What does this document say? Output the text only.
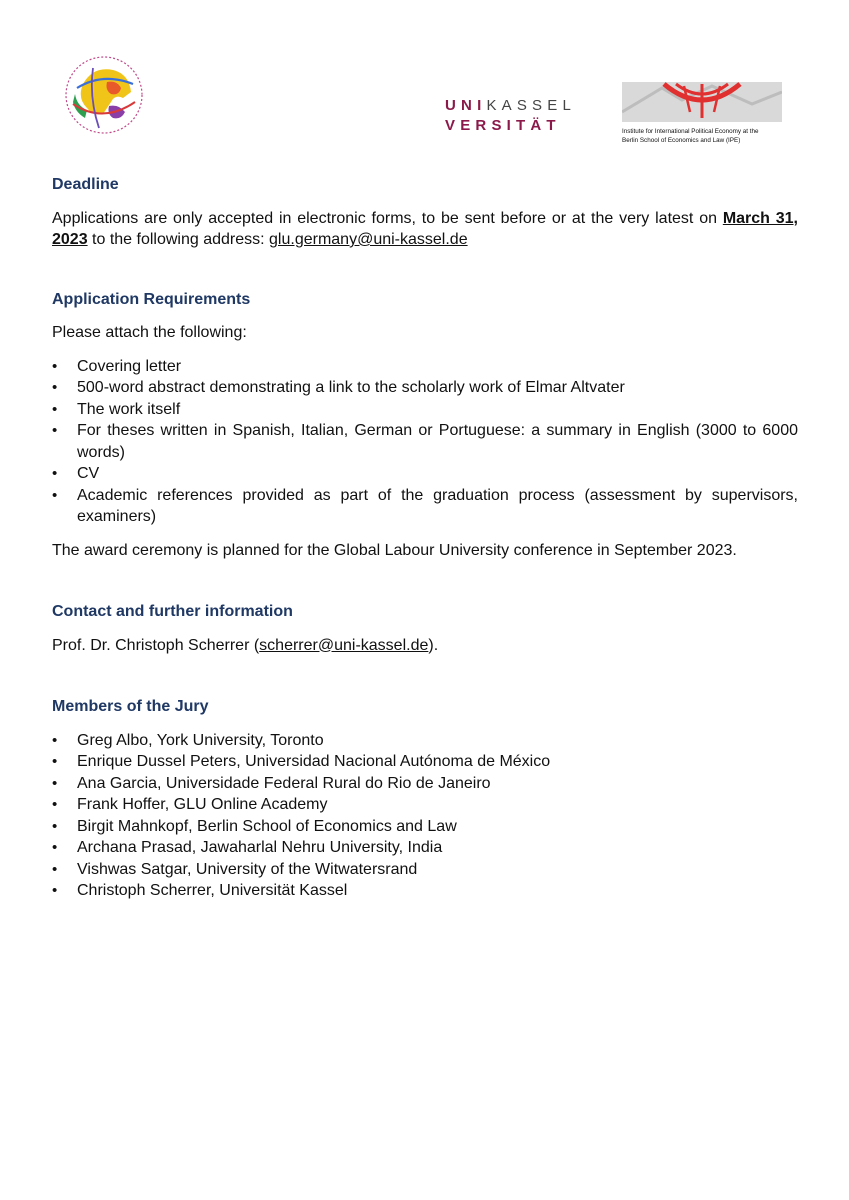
UNIKASSEL
VERSITÄT	Institute for International Political Economy at the
Berlin School of Economics and Law (IPE)
Deadline

Applications are only accepted in electronic forms, to be sent before or at the very latest on March 31, 2023 to the following address: glu.germany@uni-kassel.de

Application Requirements

Please attach the following:

• Covering letter
• 500-word abstract demonstrating a link to the scholarly work of Elmar Altvater
• The work itself
• For theses written in Spanish, Italian, German or Portuguese: a summary in English (3000 to 6000 words)
• CV
• Academic references provided as part of the graduation process (assessment by supervisors, examiners)

The award ceremony is planned for the Global Labour University conference in September 2023.

Contact and further information

Prof. Dr. Christoph Scherrer (scherrer@uni-kassel.de).

Members of the Jury
• Greg Albo, York University, Toronto
• Enrique Dussel Peters, Universidad Nacional Autónoma de México
• Ana Garcia, Universidade Federal Rural do Rio de Janeiro
• Frank Hoffer, GLU Online Academy
• Birgit Mahnkopf, Berlin School of Economics and Law
• Archana Prasad, Jawaharlal Nehru University, India
• Vishwas Satgar, University of the Witwatersrand
• Christoph Scherrer, Universität Kassel
